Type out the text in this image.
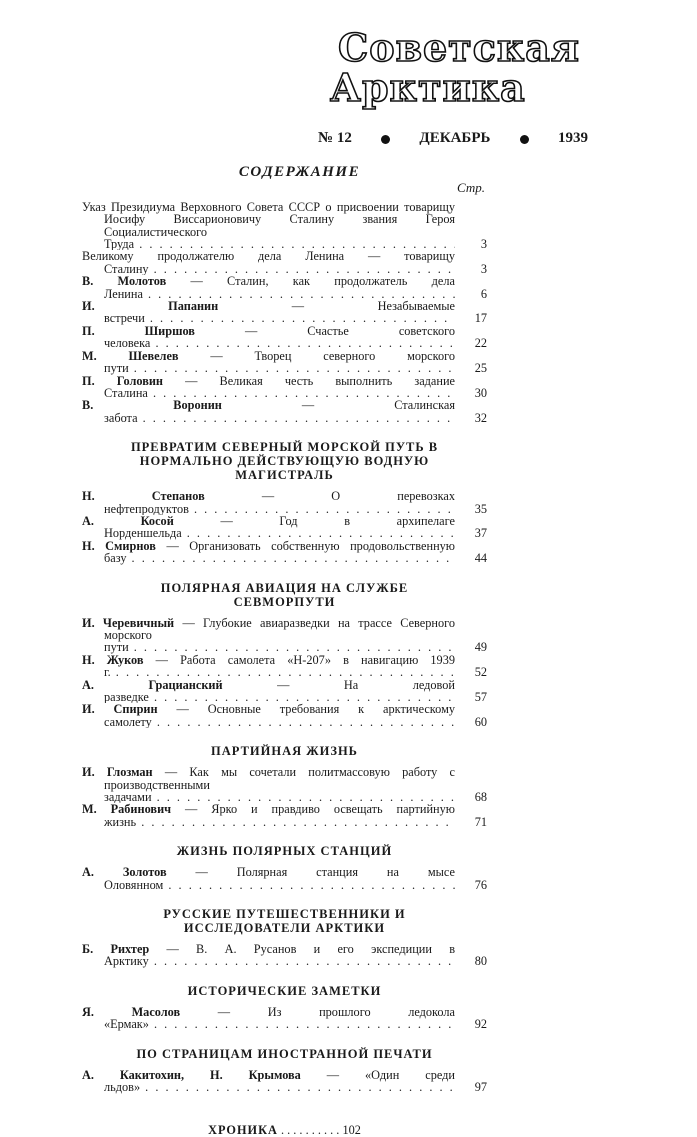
Советская
Арктика
№ 12	ДЕКАБРЬ	1939
СОДЕРЖАНИЕ
Стр.
Указ Президиума Верховного Совета СССР о присвоении товарищу Иосифу Виссарионовичу Сталину звания Героя Социалистического Труда . . .	3
Великому продолжателю дела Ленина — товарищу Сталину . . .	3
В. Молотов — Сталин, как продолжатель дела Ленина . . .	6
И. Папанин — Незабываемые встречи . . .	17
П. Ширшов — Счастье советского человека . . .	22
М. Шевелев — Творец северного морского пути . . .	25
П. Головин — Великая честь выполнить задание Сталина . . .	30
В. Воронин — Сталинская забота . . .	32
ПРЕВРАТИМ СЕВЕРНЫЙ МОРСКОЙ ПУТЬ В НОРМАЛЬНО ДЕЙСТВУЮЩУЮ ВОДНУЮ МАГИСТРАЛЬ
Н. Степанов — О перевозках нефтепродуктов . . .	35
А. Косой — Год в архипелаге Норденшельда . . .	37
Н. Смирнов — Организовать собственную продовольственную базу . . .	44
ПОЛЯРНАЯ АВИАЦИЯ НА СЛУЖБЕ СЕВМОРПУТИ
И. Черевичный — Глубокие авиаразведки на трассе Северного морского пути . . .	49
Н. Жуков — Работа самолета «Н-207» в навигацию 1939 г. . . .	52
А. Грацианский — На ледовой разведке . . .	57
И. Спирин — Основные требования к арктическому самолету . . .	60
ПАРТИЙНАЯ ЖИЗНЬ
И. Глозман — Как мы сочетали политмассовую работу с производственными задачами . . .	68
М. Рабинович — Ярко и правдиво освещать партийную жизнь . . .	71
ЖИЗНЬ ПОЛЯРНЫХ СТАНЦИЙ
А. Золотов — Полярная станция на мысе Оловянном . . .	76
РУССКИЕ ПУТЕШЕСТВЕННИКИ И ИССЛЕДОВАТЕЛИ АРКТИКИ
Б. Рихтер — В. А. Русанов и его экспедиции в Арктику . . .	80
ИСТОРИЧЕСКИЕ ЗАМЕТКИ
Я. Масолов — Из прошлого ледокола «Ермак» . . .	92
ПО СТРАНИЦАМ ИНОСТРАННОЙ ПЕЧАТИ
А. Какитохин, Н. Крымова — «Один среди льдов» . . .	97
ХРОНИКА . . . . . . . . . . 102
